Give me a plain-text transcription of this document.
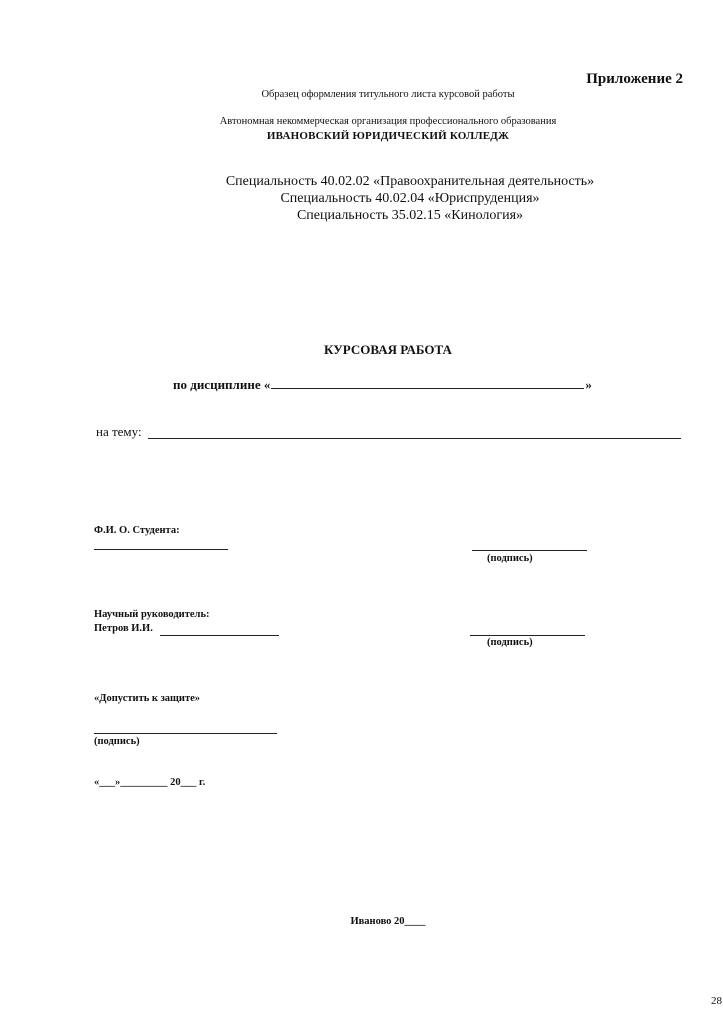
Приложение 2
Образец оформления титульного листа курсовой работы
Автономная некоммерческая организация профессионального образования
ИВАНОВСКИЙ ЮРИДИЧЕСКИЙ КОЛЛЕДЖ
Специальность 40.02.02 «Правоохранительная деятельность»
Специальность 40.02.04 «Юриспруденция»
Специальность 35.02.15 «Кинология»
КУРСОВАЯ РАБОТА
по дисциплине «	»
на тему:
Ф.И. О. Студента:
(подпись)
Научный руководитель:
Петров И.И.
(подпись)
«Допустить к защите»
(подпись)
«___»_________ 20___ г.
Иваново 20____
28
